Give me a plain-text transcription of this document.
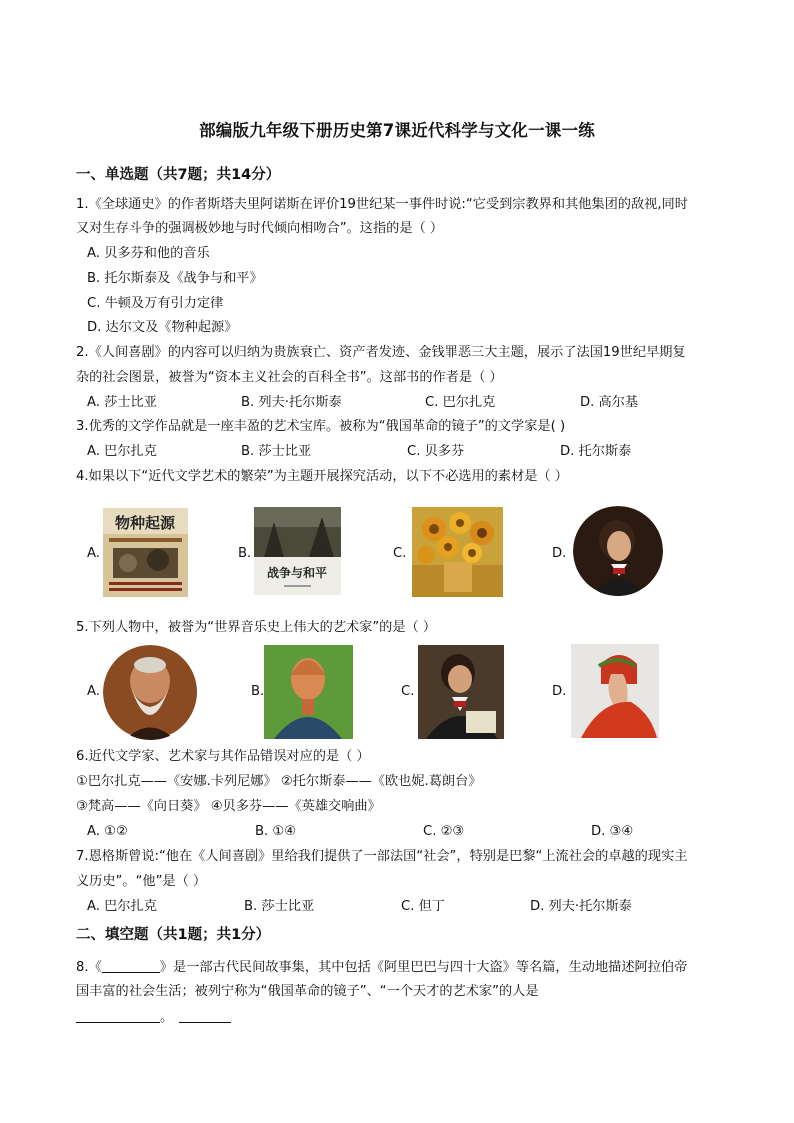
部编版九年级下册历史第7课近代科学与文化一课一练
一、单选题（共7题；共14分）
1.《全球通史》的作者斯塔夫里阿诺斯在评价19世纪某一事件时说:“它受到宗教界和其他集团的敌视,同时
又对生存斗争的强调极妙地与时代倾向相吻合”。这指的是（ ）
A. 贝多芬和他的音乐
B. 托尔斯泰及《战争与和平》
C. 牛顿及万有引力定律
D. 达尔文及《物种起源》
2.《人间喜剧》的内容可以归纳为贵族衰亡、资产者发迹、金钱罪恶三大主题，展示了法国19世纪早期复
杂的社会图景，被誉为“资本主义社会的百科全书”。这部书的作者是（ ）
A. 莎士比亚	B. 列夫·托尔斯泰	C. 巴尔扎克	D. 高尔基
3.优秀的文学作品就是一座丰盈的艺术宝库。被称为“俄国革命的镜子”的文学家是( )
A. 巴尔扎克	B. 莎士比亚	C. 贝多芬	D. 托尔斯泰
4.如果以下“近代文学艺术的繁荣”为主题开展探究活动，以下不必选用的素材是（ ）
A.
物种起源
B.
战争与和平
C.	D.
5.下列人物中，被誉为“世界音乐史上伟大的艺术家”的是（ ）
A.	B.	C.	D.
6.近代文学家、艺术家与其作品错误对应的是（ ）
①巴尔扎克——《安娜.卡列尼娜》 ②托尔斯泰——《欧也妮.葛朗台》
③梵高——《向日葵》 ④贝多芬——《英雄交响曲》
A. ①②	B. ①④	C. ②③	D. ③④
7.恩格斯曾说:“他在《人间喜剧》里给我们提供了一部法国“社会”，特别是巴黎“上流社会的卓越的现实主
义历史”。“他”是（ ）
A. 巴尔扎克	B. 莎士比亚	C. 但丁	D. 列夫·托尔斯泰
二、填空题（共1题；共1分）
8.《	》是一部古代民间故事集，其中包括《阿里巴巴与四十大盗》等名篇，生动地描述阿拉伯帝
国丰富的社会生活；被列宁称为“俄国革命的镜子”、“一个天才的艺术家”的人是
。
